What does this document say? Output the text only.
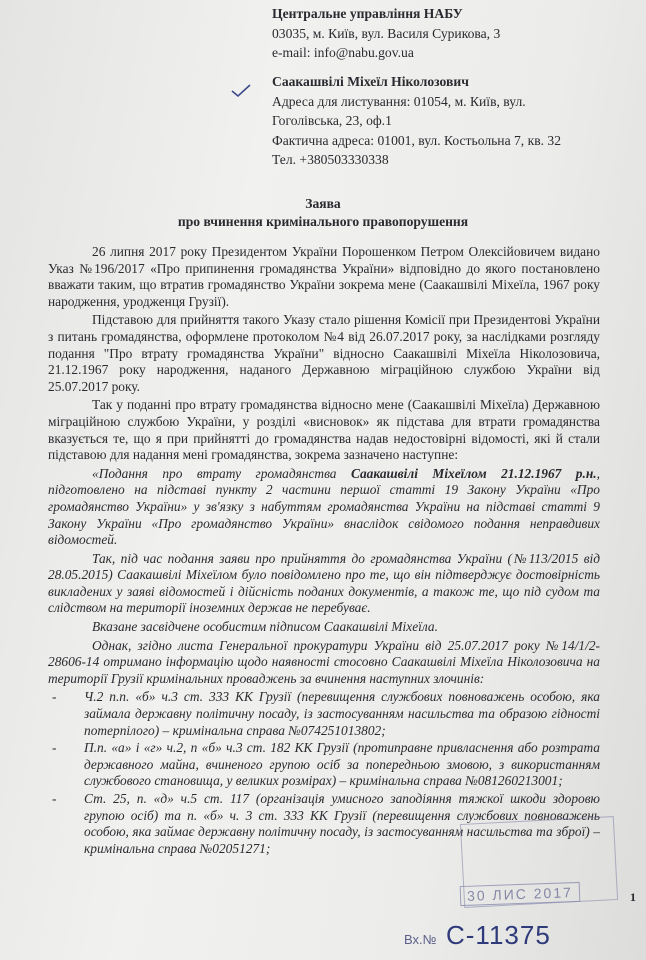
Центральне управління НАБУ
03035, м. Київ, вул. Василя Сурикова, 3
e-mail: info@nabu.gov.ua
Саакашвілі Міхеїл Ніколозович
Адреса для листування: 01054, м. Київ, вул.
Гоголівська, 23, оф.1
Фактична адреса: 01001, вул. Костьольна 7, кв. 32
Тел. +380503330338
Заява
про вчинення кримінального правопорушення

26 липня 2017 року Президентом України Порошенком Петром Олексійовичем видано Указ №196/2017 «Про припинення громадянства України» відповідно до якого постановлено вважати таким, що втратив громадянство України зокрема мене (Саакашвілі Міхеїла, 1967 року народження, уродженця Грузії).

Підставою для прийняття такого Указу стало рішення Комісії при Президентові України з питань громадянства, оформлене протоколом №4 від 26.07.2017 року, за наслідками розгляду подання "Про втрату громадянства України" відносно Саакашвілі Міхеїла Ніколозовича, 21.12.1967 року народження, наданого Державною міграційною службою України від 25.07.2017 року.

Так у поданні про втрату громадянства відносно мене (Саакашвілі Міхеїла) Державною міграційною службою України, у розділі «висновок» як підстава для втрати громадянства вказується те, що я при прийнятті до громадянства надав недостовірні відомості, які й стали підставою для надання мені громадянства, зокрема зазначено наступне:

«Подання про втрату громадянства Саакашвілі Міхеїлом 21.12.1967 р.н., підготовлено на підставі пункту 2 частини першої статті 19 Закону України «Про громадянство України» у зв'язку з набуттям громадянства України на підставі статті 9 Закону України «Про громадянство України» внаслідок свідомого подання неправдивих відомостей.

Так, під час подання заяви про прийняття до громадянства України (№113/2015 від 28.05.2015) Саакашвілі Міхеїлом було повідомлено про те, що він підтверджує достовірність викладених у заяві відомостей і дійсність поданих документів, а також те, що під судом та слідством на території іноземних держав не перебуває.

Вказане засвідчене особистим підписом Саакашвілі Міхеїла.

Однак, згідно листа Генеральної прокуратури України від 25.07.2017 року №14/1/2-28606-14 отримано інформацію щодо наявності стосовно Саакашвілі Міхеїла Ніколозовича на території Грузії кримінальних проваджень за вчинення наступних злочинів:

- Ч.2 п.п. «б» ч.3 ст. 333 КК Грузії (перевищення службових повноважень особою, яка займала державну політичну посаду, із застосуванням насильства та образою гідності потерпілого) – кримінальна справа №074251013802;
- П.п. «а» і «г» ч.2, п «б» ч.3 ст. 182 КК Грузії (протиправне привласнення або розтрата державного майна, вчиненого групою осіб за попередньою змовою, з використанням службового становища, у великих розмірах) – кримінальна справа №081260213001;
- Ст. 25, п. «д» ч.5 ст. 117 (організація умисного заподіяння тяжкої шкоди здоровю групою осіб) та п. «б» ч. 3 ст. 333 КК Грузії (перевищення службових повноважень особою, яка займає державну політичну посаду, із застосуванням насильства та зброї) – кримінальна справа №02051271;
30 ЛИС 2017	1
Вх.№ С-11375
